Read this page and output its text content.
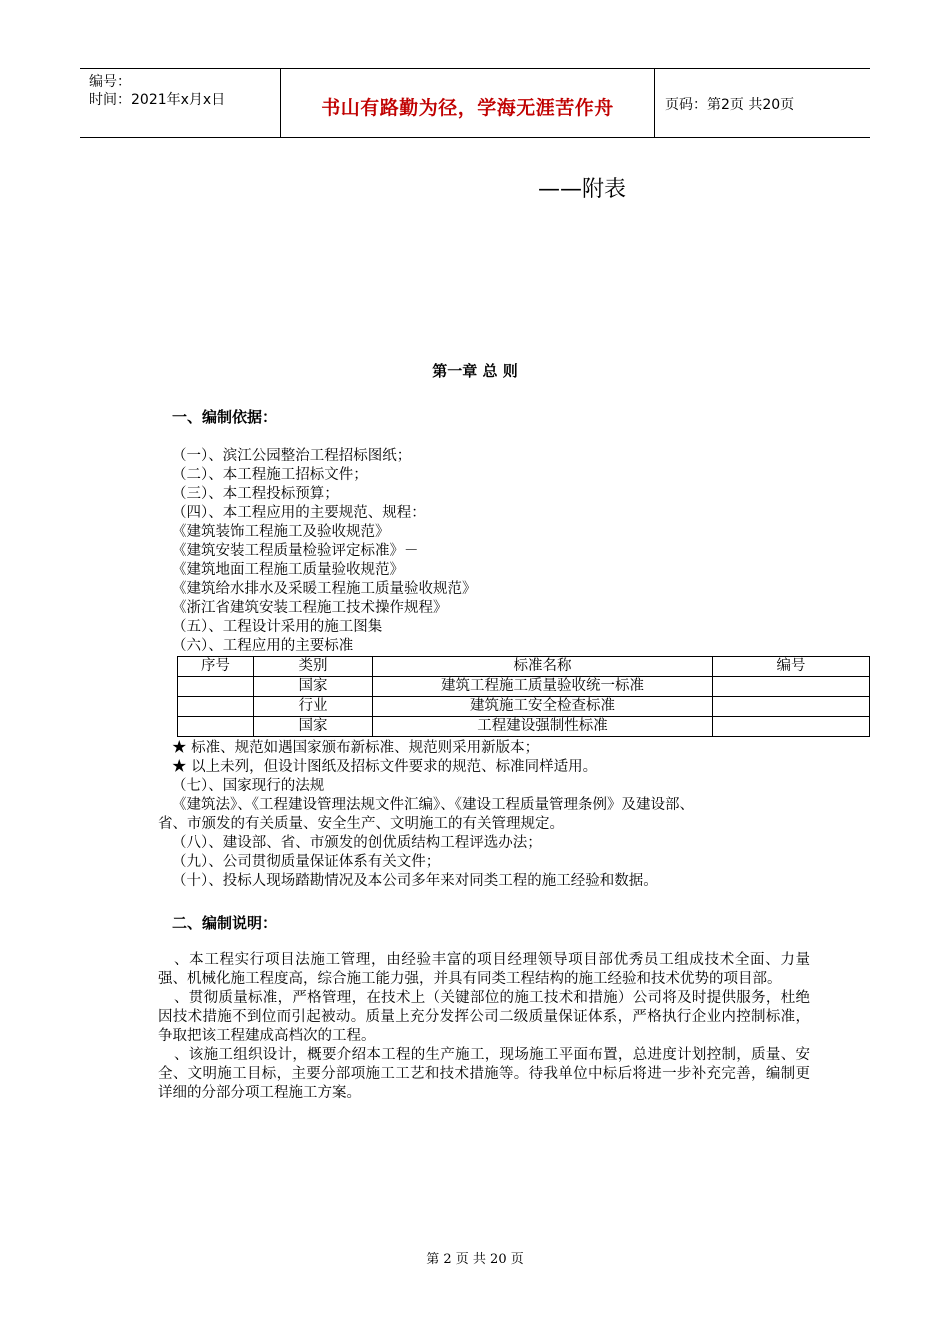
编号：
时间：2021年x月x日	书山有路勤为径，学海无涯苦作舟	页码：第2页 共20页
——附表
第一章 总 则
一、编制依据：
（一）、滨江公园整治工程招标图纸；
（二）、本工程施工招标文件；
（三）、本工程投标预算；
（四）、本工程应用的主要规范、规程：
《建筑装饰工程施工及验收规范》
《建筑安装工程质量检验评定标准》－
《建筑地面工程施工质量验收规范》
《建筑给水排水及采暖工程施工质量验收规范》
《浙江省建筑安装工程施工技术操作规程》
（五）、工程设计采用的施工图集
（六）、工程应用的主要标准
序号	类别	标准名称	编号
	国家	建筑工程施工质量验收统一标准	
	行业	建筑施工安全检查标准	
	国家	工程建设强制性标准	
★ 标准、规范如遇国家颁布新标准、规范则采用新版本；
★ 以上未列，但设计图纸及招标文件要求的规范、标准同样适用。
（七）、国家现行的法规
《建筑法》、《工程建设管理法规文件汇编》、《建设工程质量管理条例》及建设部、
省、市颁发的有关质量、安全生产、文明施工的有关管理规定。
（八）、建设部、省、市颁发的创优质结构工程评选办法；
（九）、公司贯彻质量保证体系有关文件；
（十）、投标人现场踏勘情况及本公司多年来对同类工程的施工经验和数据。
二、编制说明：

、本工程实行项目法施工管理，由经验丰富的项目经理领导项目部优秀员工组成技术全面、力量强、机械化施工程度高，综合施工能力强，并具有同类工程结构的施工经验和技术优势的项目部。

、贯彻质量标准，严格管理，在技术上（关键部位的施工技术和措施）公司将及时提供服务，杜绝因技术措施不到位而引起被动。质量上充分发挥公司二级质量保证体系，严格执行企业内控制标准，争取把该工程建成高档次的工程。

、该施工组织设计，概要介绍本工程的生产施工，现场施工平面布置，总进度计划控制，质量、安全、文明施工目标，主要分部项施工工艺和技术措施等。待我单位中标后将进一步补充完善，编制更详细的分部分项工程施工方案。

第 2 页 共 20 页
